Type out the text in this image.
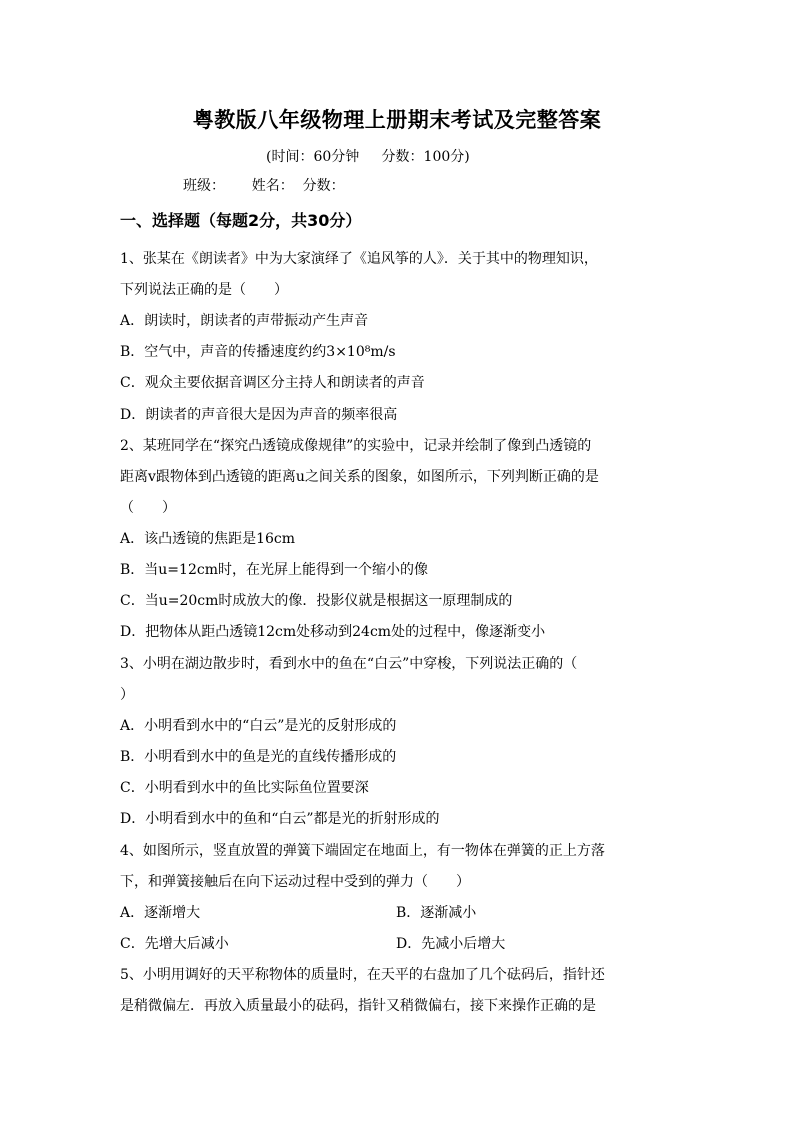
粤教版八年级物理上册期末考试及完整答案
(时间：60分钟 分数：100分)
班级： 姓名： 分数：
一、选择题（每题2分，共30分）
1、张某在《朗读者》中为大家演绎了《追风筝的人》．关于其中的物理知识，
下列说法正确的是（　　）
A．朗读时，朗读者的声带振动产生声音
B．空气中，声音的传播速度约约3×10⁸m/s
C．观众主要依据音调区分主持人和朗读者的声音
D．朗读者的声音很大是因为声音的频率很高
2、某班同学在“探究凸透镜成像规律”的实验中，记录并绘制了像到凸透镜的
距离v跟物体到凸透镜的距离u之间关系的图象，如图所示，下列判断正确的是
（　　）
A．该凸透镜的焦距是16cm
B．当u=12cm时，在光屏上能得到一个缩小的像
C．当u=20cm时成放大的像．投影仪就是根据这一原理制成的
D．把物体从距凸透镜12cm处移动到24cm处的过程中，像逐渐变小
3、小明在湖边散步时，看到水中的鱼在“白云”中穿梭，下列说法正确的（
）
A．小明看到水中的“白云”是光的反射形成的
B．小明看到水中的鱼是光的直线传播形成的
C．小明看到水中的鱼比实际鱼位置要深
D．小明看到水中的鱼和“白云”都是光的折射形成的
4、如图所示，竖直放置的弹簧下端固定在地面上，有一物体在弹簧的正上方落
下，和弹簧接触后在向下运动过程中受到的弹力（　　）
A．逐渐增大	B．逐渐减小
C．先增大后减小	D．先减小后增大
5、小明用调好的天平称物体的质量时，在天平的右盘加了几个砝码后，指针还
是稍微偏左．再放入质量最小的砝码，指针又稍微偏右，接下来操作正确的是
